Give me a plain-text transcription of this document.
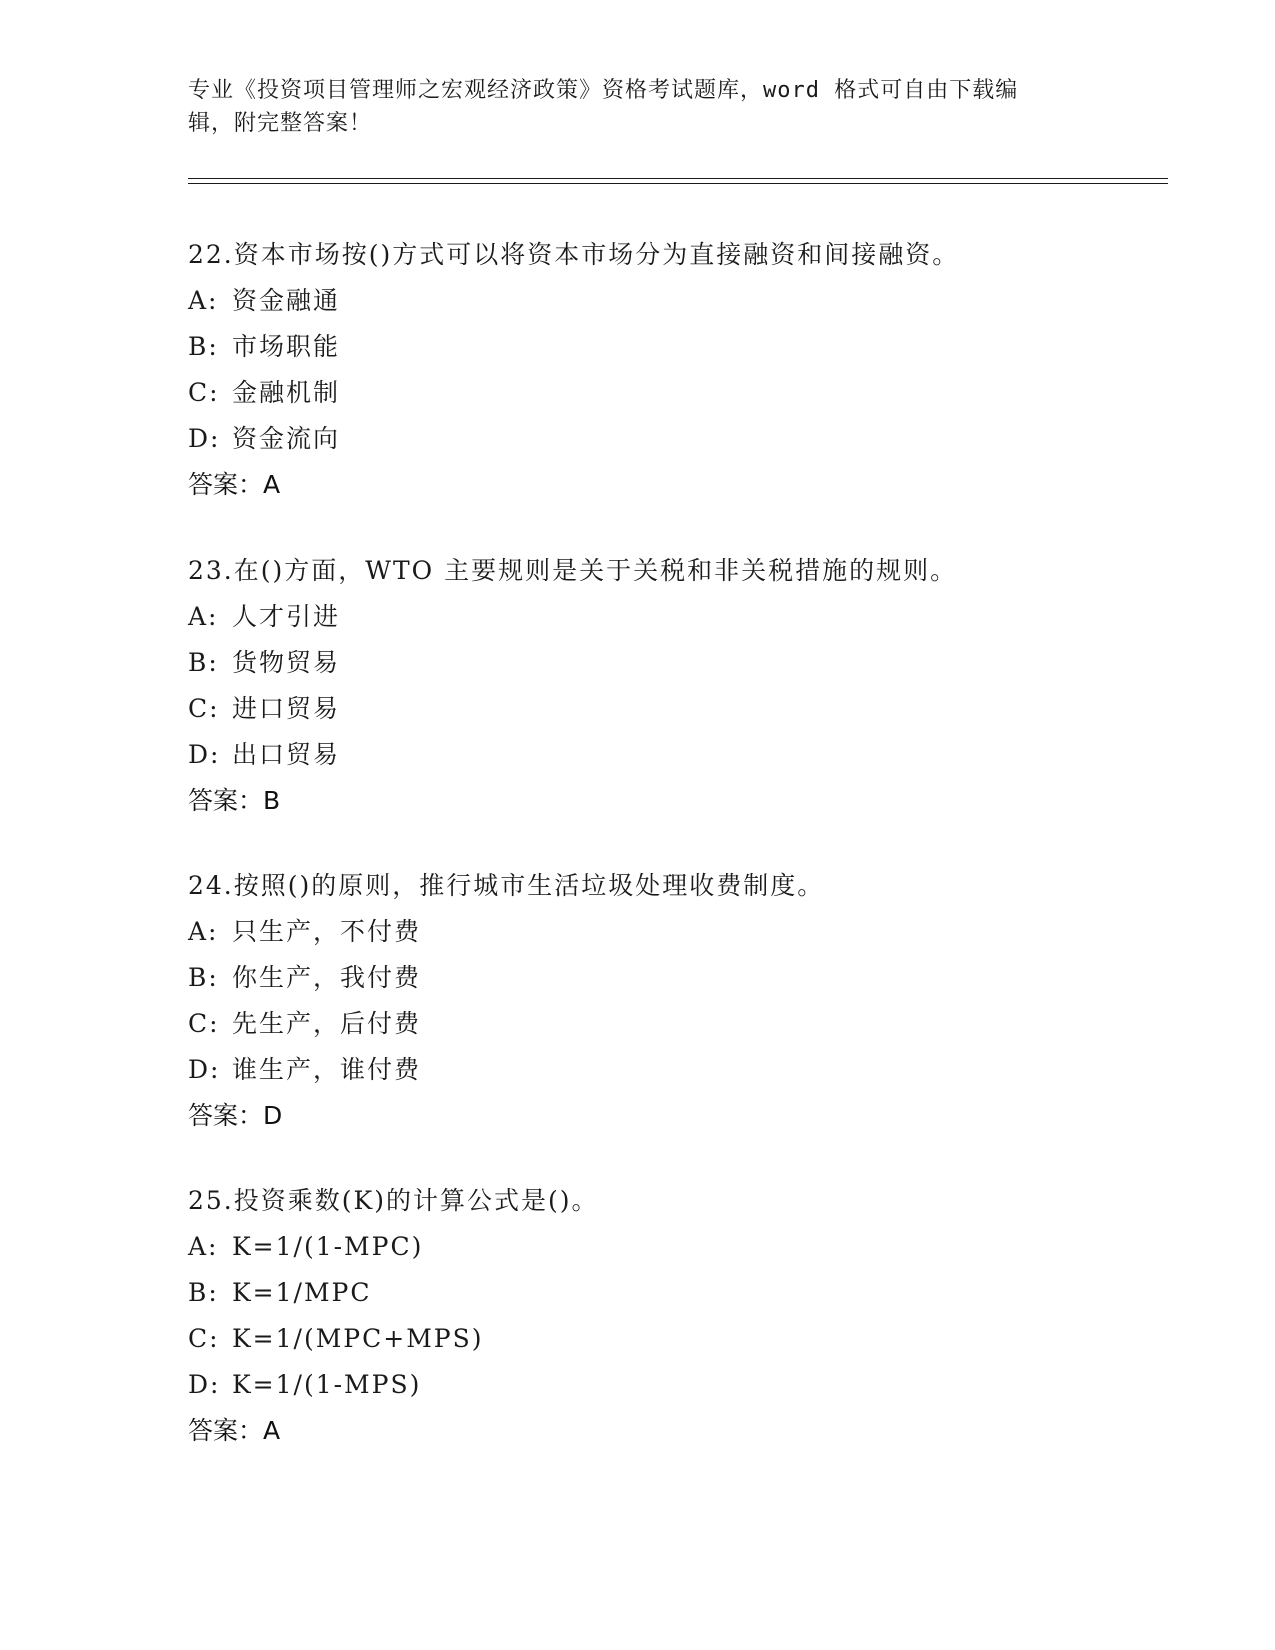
专业《投资项目管理师之宏观经济政策》资格考试题库，word 格式可自由下载编
辑，附完整答案！
22.资本市场按()方式可以将资本市场分为直接融资和间接融资。
A: 资金融通
B: 市场职能
C: 金融机制
D: 资金流向
答案：A
23.在()方面，WTO 主要规则是关于关税和非关税措施的规则。
A: 人才引进
B: 货物贸易
C: 进口贸易
D: 出口贸易
答案：B
24.按照()的原则，推行城市生活垃圾处理收费制度。
A: 只生产，不付费
B: 你生产，我付费
C: 先生产，后付费
D: 谁生产，谁付费
答案：D
25.投资乘数(K)的计算公式是()。
A: K=1/(1-MPC)
B: K=1/MPC
C: K=1/(MPC+MPS)
D: K=1/(1-MPS)
答案：A
